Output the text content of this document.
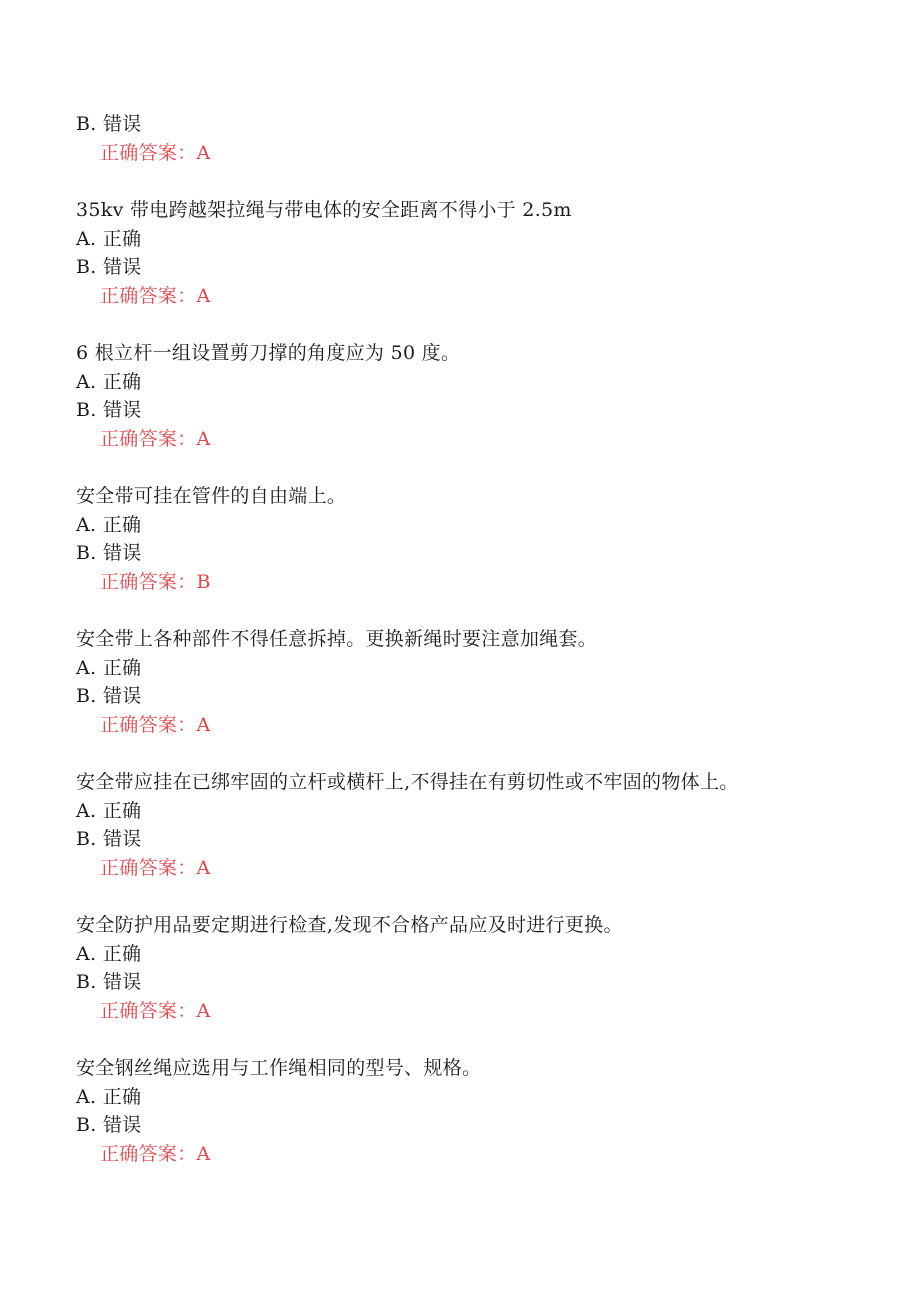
B. 错误
正确答案：A
35kv 带电跨越架拉绳与带电体的安全距离不得小于 2.5m
A. 正确
B. 错误
正确答案：A
6 根立杆一组设置剪刀撑的角度应为 50 度。
A. 正确
B. 错误
正确答案：A
安全带可挂在管件的自由端上。
A. 正确
B. 错误
正确答案：B
安全带上各种部件不得任意拆掉。更换新绳时要注意加绳套。
A. 正确
B. 错误
正确答案：A
安全带应挂在已绑牢固的立杆或横杆上,不得挂在有剪切性或不牢固的物体上。
A. 正确
B. 错误
正确答案：A
安全防护用品要定期进行检查,发现不合格产品应及时进行更换。
A. 正确
B. 错误
正确答案：A
安全钢丝绳应选用与工作绳相同的型号、规格。
A. 正确
B. 错误
正确答案：A
